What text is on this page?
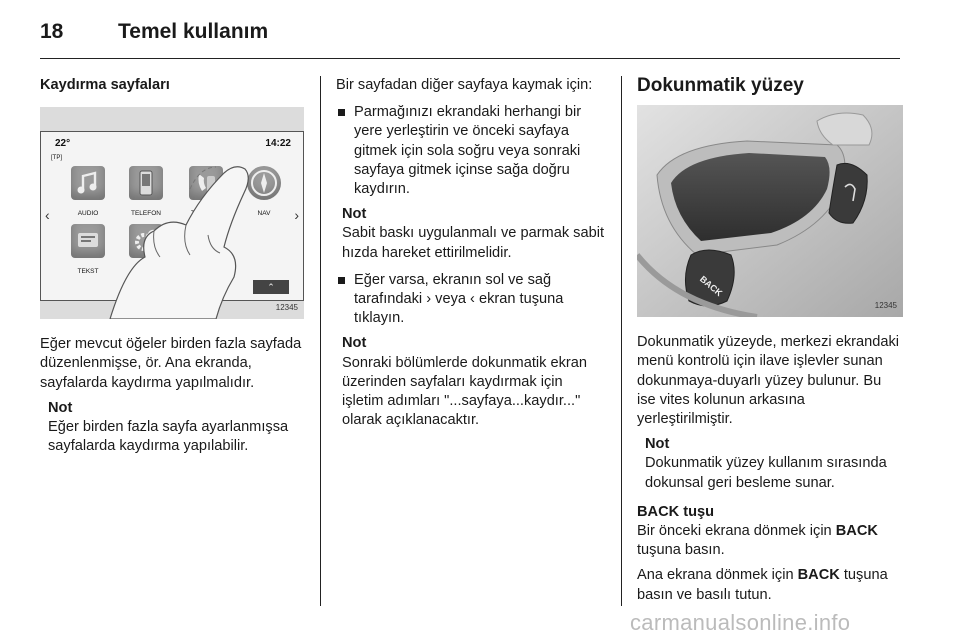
18	Temel kullanım

Kaydırma sayfaları

22°
[TP]
14:22
AUDIO	TELEFON	NAV
TEKST
‹	›
⌃
12345

Eğer mevcut öğeler birden fazla sayfada düzenlenmişse, ör. Ana ekranda, sayfalarda kaydırma yapılmalıdır.

Not
Eğer birden fazla sayfa ayarlanmışsa sayfalarda kaydırma yapılabilir.

Bir sayfadan diğer sayfaya kaymak için:

Parmağınızı ekrandaki herhangi bir yere yerleştirin ve önceki sayfaya gitmek için sola soğru veya sonraki sayfaya gitmek içinse sağa doğru kaydırın.
Not
Sabit baskı uygulanmalı ve parmak sabit hızda hareket ettirilmelidir.
Eğer varsa, ekranın sol ve sağ tarafındaki › veya ‹ ekran tuşuna tıklayın.
Not
Sonraki bölümlerde dokunmatik ekran üzerinden sayfaları kaydırmak için işletim adımları "...sayfaya...kaydır..." olarak açıklanacaktır.

Dokunmatik yüzey

BACK
12345

Dokunmatik yüzeyde, merkezi ekrandaki menü kontrolü için ilave işlevler sunan dokunmaya-duyarlı yüzey bulunur. Bu ise vites kolunun arkasına yerleştirilmiştir.

Not
Dokunmatik yüzey kullanım sırasında dokunsal geri besleme sunar.

BACK tuşu

Bir önceki ekrana dönmek için BACK tuşuna basın.

Ana ekrana dönmek için BACK tuşuna basın ve basılı tutun.

carmanualsonline.info
